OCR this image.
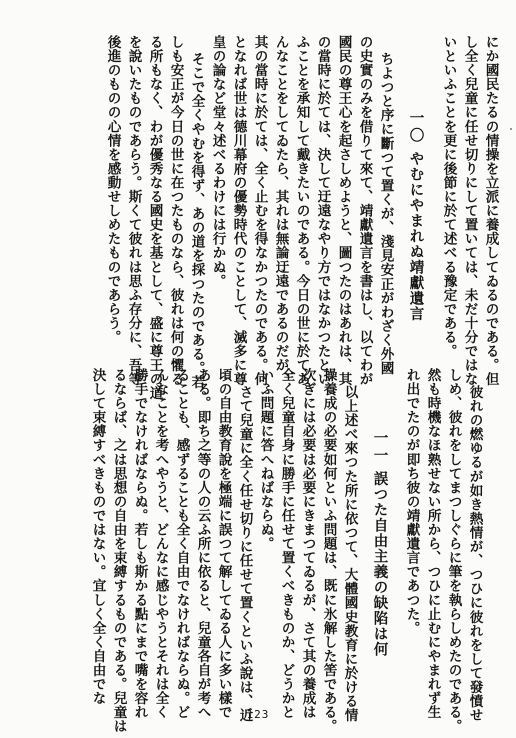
にか國民たるの情操を立派に養成してゐるのである。但
し全く兒童に任せ切りにして置いては、未だ十分ではな
いといふことを更に後節に於て述べる豫定である。
一〇やむにやまれぬ靖獻遺言
ちよつと序に斷つて置くが、淺見安正がわざく外國
の史實のみを借りて來て、靖獻遺言を書はし、以てわが
國民の尊王心を起さしめようと、圖つたのはあれは、其
の當時に於ては、決して迂遠なやり方ではなかつたとい
ふことを承知して戴きたいのである。今日の世に於てあ
んなことをしてゐたら、其れは無論迂遠であるのだが、
其の當時に於ては、全く止むを得なかつたのである。何
となれば世は德川幕府の優勢時代のことして、滅多に尊
皇の論など堂々述べるわけには行かぬ。
そこで全くやむを得ず、あの道を採つたのである。若
しも安正が今日の世に在つたものなら、彼れは何の懼る
る所もなく、わが優秀なる國史を基として、盛に尊王の道
を說いたものであらう。斯くて彼れは思ふ存分に、吾等
後進のものの心情を感動せしめたものであらう。
彼れの燃ゆるが如き熱情が、つひに彼れをして發憤せ
しめ、彼れをしてまつしぐらに筆を執らしめたのである。
然も時機なほ熟せない所から、つひに止むにやまれず生
れ出でたのが即ち彼の靖獻遺言であつた。
一一誤つた自由主義の缺陷は何
以上述べ來つた所に依つて、大體國史教育に於ける情
操養成の必要如何といふ問題は、既に氷解した筈である。
次ぎには必要は必要にきまつてゐるが、さて其の養成は
全く兒童自身に勝手に任せて置くべきものか、どうかと
いふ問題に答へねばならぬ。
さて兒童に全く任せ切りに任せて置くといふ說は、近
頃の自由教育說を極端に誤つて解してゐる人に多い樣で
ある。即ち之等の人の云ふ所に依ると、兒童各自が考へ
ることも、感ずることも全く自由でなければならぬ。ど
んなことを考へやうと、どんなに感じやうとそれは全く
勝手でなければならぬ。若しも斯かる點にまで嘴を容れ
るならば、之は思想の自由を束縛するものである。兒童は
決して束縛すべきものではない。宜しく全く自由でな
123
